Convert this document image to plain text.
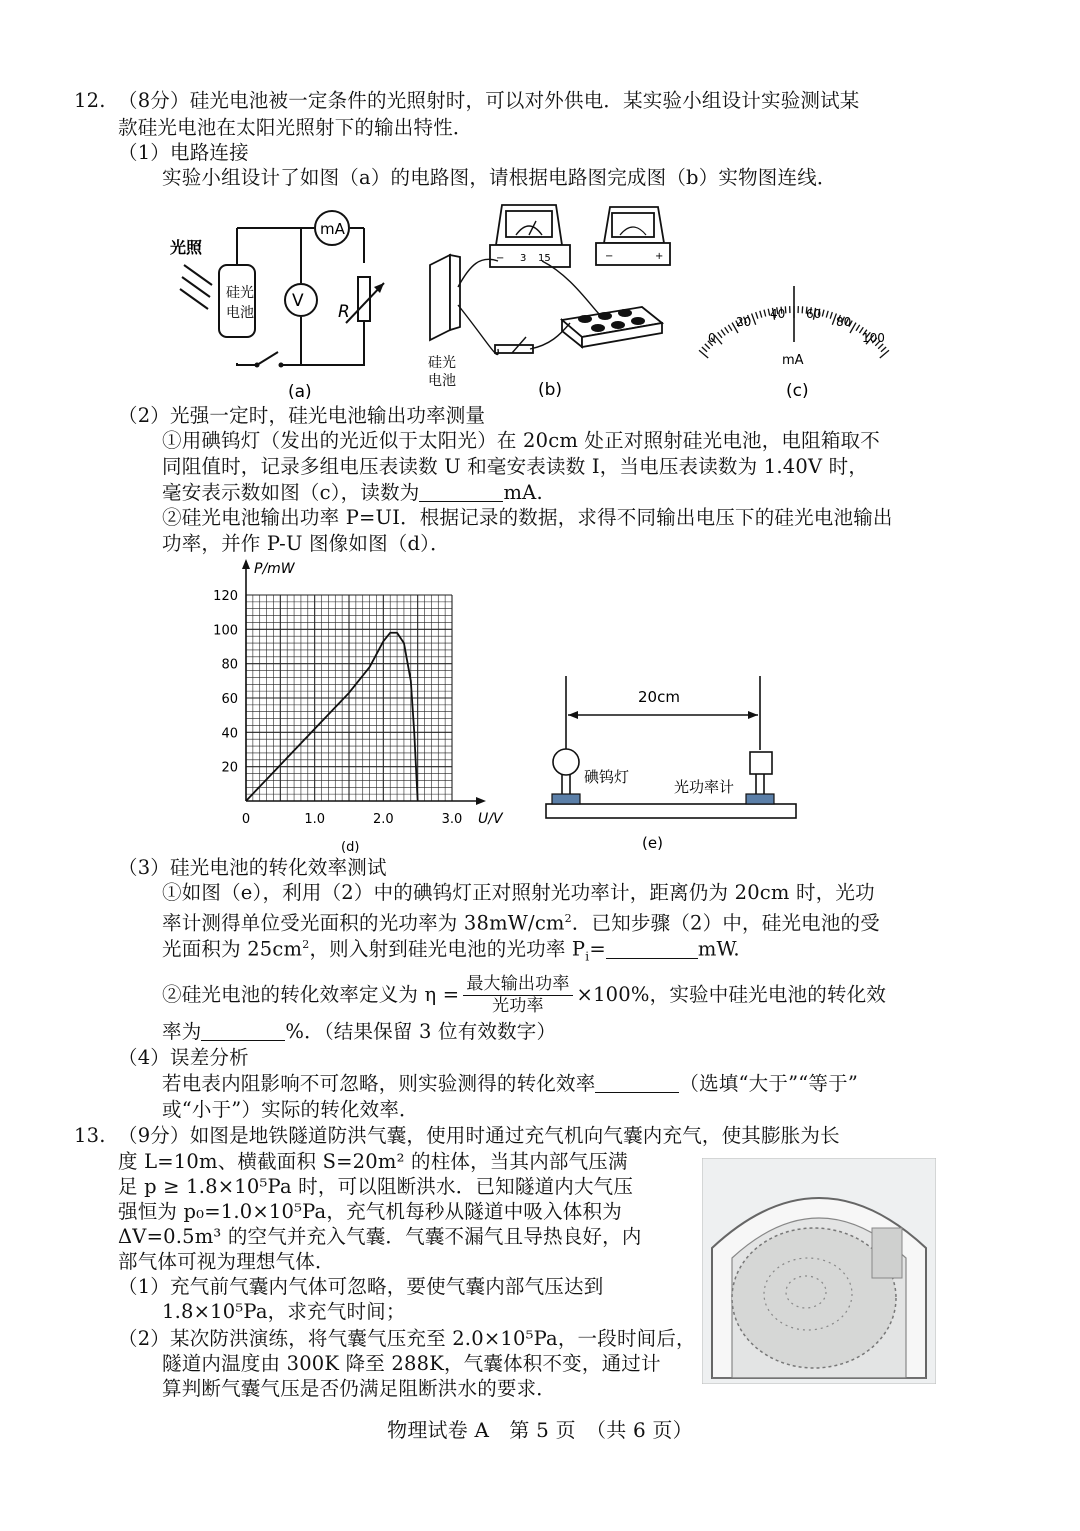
12. （8分）硅光电池被一定条件的光照射时，可以对外供电．某实验小组设计实验测试某
款硅光电池在太阳光照射下的输出特性．
（1）电路连接
实验小组设计了如图（a）的电路图，请根据电路图完成图（b）实物图连线．
光照
硅光
电池
V
mA
R
(a)
− 3 15
硅光
电池
−	+
(b)
0
20
40 60
80
100
mA
(c)
（2）光强一定时，硅光电池输出功率测量
①用碘钨灯（发出的光近似于太阳光）在 20cm 处正对照射硅光电池，电阻箱取不
同阻值时，记录多组电压表读数 U 和毫安表读数 I，当电压表读数为 1.40V 时，
毫安表示数如图（c），读数为	mA.
②硅光电池输出功率 P=UI．根据记录的数据，求得不同输出电压下的硅光电池输出
功率，并作 P-U 图像如图（d）．
20
40
60
80
100
120
0	1.0	2.0	3.0
P/mW
U/V
(d)
20cm
碘钨灯
光功率计
(e)
（3）硅光电池的转化效率测试
①如图（e），利用（2）中的碘钨灯正对照射光功率计，距离仍为 20cm 时，光功
率计测得单位受光面积的光功率为 $38mW/cm^2$．已知步骤（2）中，硅光电池的受
光面积为 $25cm^2$，则入射到硅光电池的光功率 $P_i=$	mW.
②硅光电池的转化效率定义为 $\eta = \frac{\text{最大输出功率}}{\text{光功率}} \times 100\%$，实验中硅光电池的转化效
率为	%．（结果保留 3 位有效数字）
（4）误差分析
若电表内阻影响不可忽略，则实验测得的转化效率	（选填“大于”“等于”
或“小于”）实际的转化效率．
13. （9分）如图是地铁隧道防洪气囊，使用时通过充气机向气囊内充气，使其膨胀为长
度 L=10m、横截面积 S=20m² 的柱体，当其内部气压满
足 p ≥ 1.8×10⁵Pa 时，可以阻断洪水．已知隧道内大气压
强恒为 p₀=1.0×10⁵Pa，充气机每秒从隧道中吸入体积为
ΔV=0.5m³ 的空气并充入气囊．气囊不漏气且导热良好，内
部气体可视为理想气体．
（1）充气前气囊内气体可忽略，要使气囊内部气压达到
1.8×10⁵Pa，求充气时间；
（2）某次防洪演练，将气囊气压充至 2.0×10⁵Pa，一段时间后，
隧道内温度由 300K 降至 288K，气囊体积不变，通过计
算判断气囊气压是否仍满足阻断洪水的要求．
物理试卷 A　第 5 页　（共 6 页）
